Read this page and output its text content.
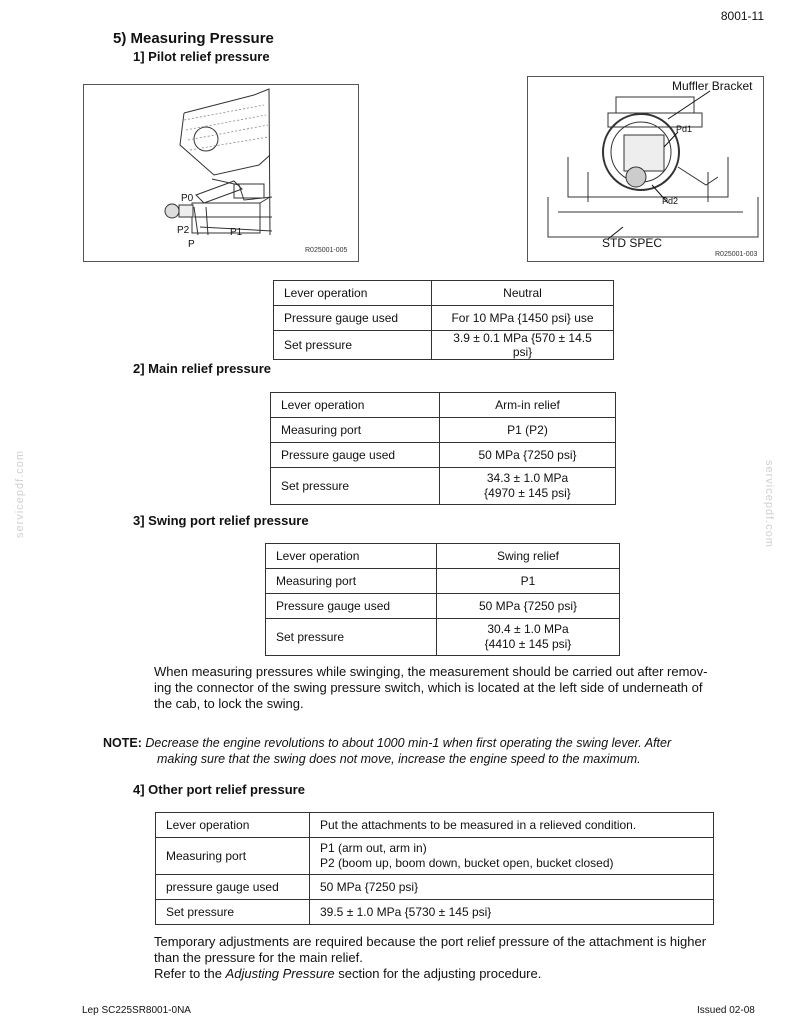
8001-11
5) Measuring Pressure
1] Pilot relief pressure
P0
P2	P1
P
R025001-005
Muffler Bracket
Pd1
Pd2
STD SPEC
R025001-003
Lever operation	Neutral
Pressure gauge used	For 10 MPa {1450 psi} use
Set pressure	3.9 ± 0.1 MPa {570 ± 14.5 psi}
2] Main relief pressure
Lever operation	Arm-in relief
Measuring port	P1 (P2)
Pressure gauge used	50 MPa {7250 psi}
Set pressure	34.3 ± 1.0 MPa
{4970 ± 145 psi}
3] Swing port relief pressure
Lever operation	Swing relief
Measuring port	P1
Pressure gauge used	50 MPa {7250 psi}
Set pressure	30.4 ± 1.0 MPa
{4410 ± 145 psi}
When measuring pressures while swinging, the measurement should be carried out after remov-
ing the connector of the swing pressure switch, which is located at the left side of underneath of
the cab, to lock the swing.
NOTE: Decrease the engine revolutions to about 1000 min-1 when first operating the swing lever. After
making sure that the swing does not move, increase the engine speed to the maximum.
4] Other port relief pressure
Lever operation	Put the attachments to be measured in a relieved condition.
Measuring port	P1 (arm out, arm in)
P2 (boom up, boom down, bucket open, bucket closed)

pressure gauge used	50 MPa {7250 psi}
Set pressure	39.5 ± 1.0 MPa {5730 ± 145 psi}
Temporary adjustments are required because the port relief pressure of the attachment is higher
than the pressure for the main relief.
Refer to the Adjusting Pressure section for the adjusting procedure.
servicepdf.com	servicepdf.com
Lep SC225SR8001-0NA	Issued 02-08
